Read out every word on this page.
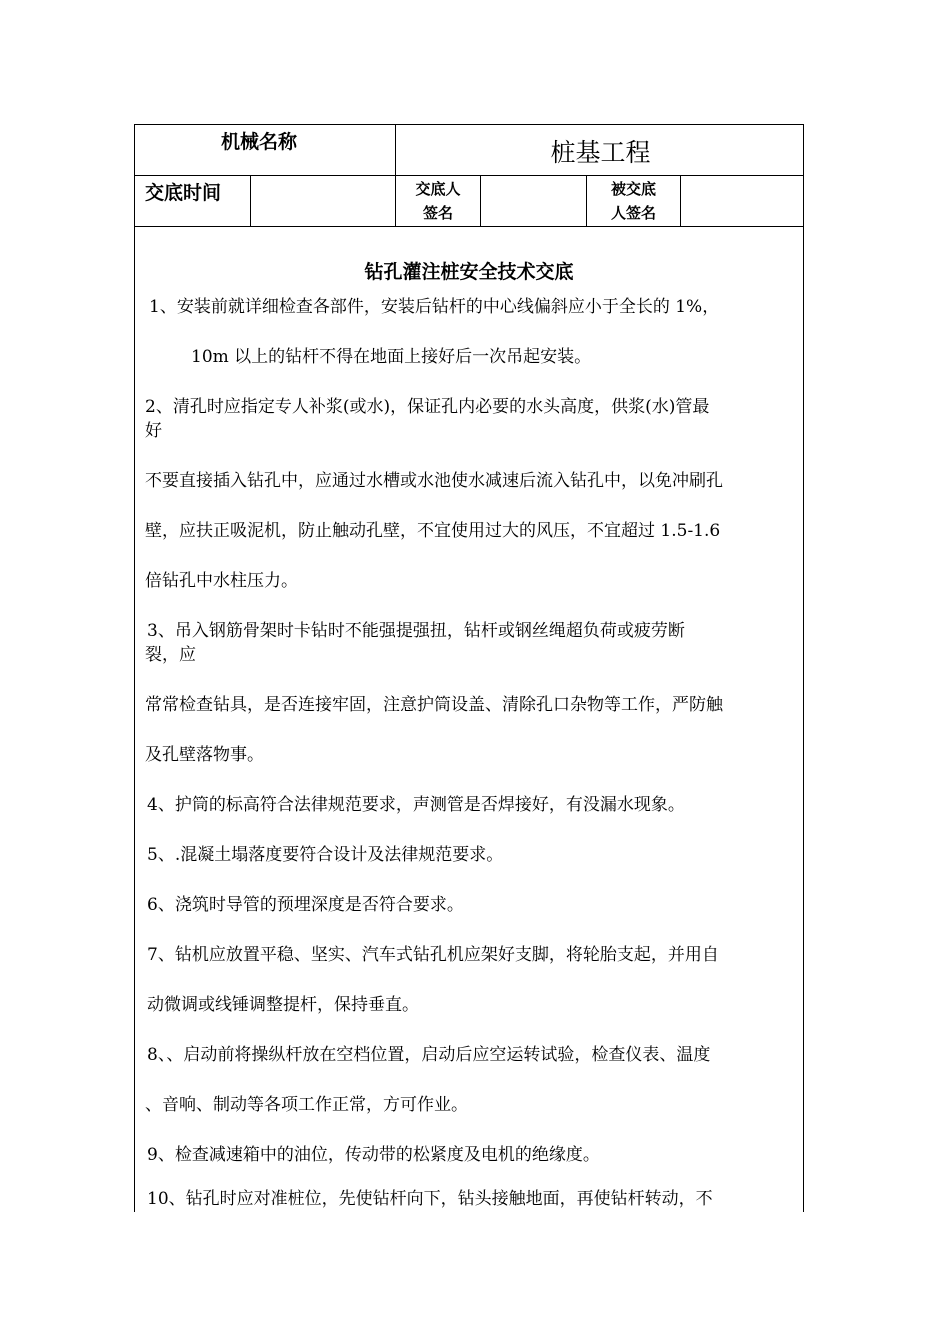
机械名称	桩基工程
交底时间	交底人
签名
被交底
人签名
钻孔灌注桩安全技术交底
1、安装前就详细检查各部件，安装后钻杆的中心线偏斜应小于全长的 1%，
10m 以上的钻杆不得在地面上接好后一次吊起安装。
2、清孔时应指定专人补浆(或水)，保证孔内必要的水头高度，供浆(水)管最
好
不要直接插入钻孔中，应通过水槽或水池使水减速后流入钻孔中，以免冲刷孔
壁，应扶正吸泥机，防止触动孔壁，不宜使用过大的风压，不宜超过 1.5-1.6
倍钻孔中水柱压力。
3、吊入钢筋骨架时卡钻时不能强提强扭，钻杆或钢丝绳超负荷或疲劳断
裂，应
常常检查钻具，是否连接牢固，注意护筒设盖、清除孔口杂物等工作，严防触
及孔壁落物事。
4、护筒的标高符合法律规范要求，声测管是否焊接好，有没漏水现象。
5、.混凝土塌落度要符合设计及法律规范要求。
6、浇筑时导管的预埋深度是否符合要求。
7、钻机应放置平稳、坚实、汽车式钻孔机应架好支脚，将轮胎支起，并用自
动微调或线锤调整提杆，保持垂直。
8、、启动前将操纵杆放在空档位置，启动后应空运转试验，检查仪表、温度
、音响、制动等各项工作正常，方可作业。
9、检查减速箱中的油位，传动带的松紧度及电机的绝缘度。
10、钻孔时应对准桩位，先使钻杆向下，钻头接触地面，再使钻杆转动，不
